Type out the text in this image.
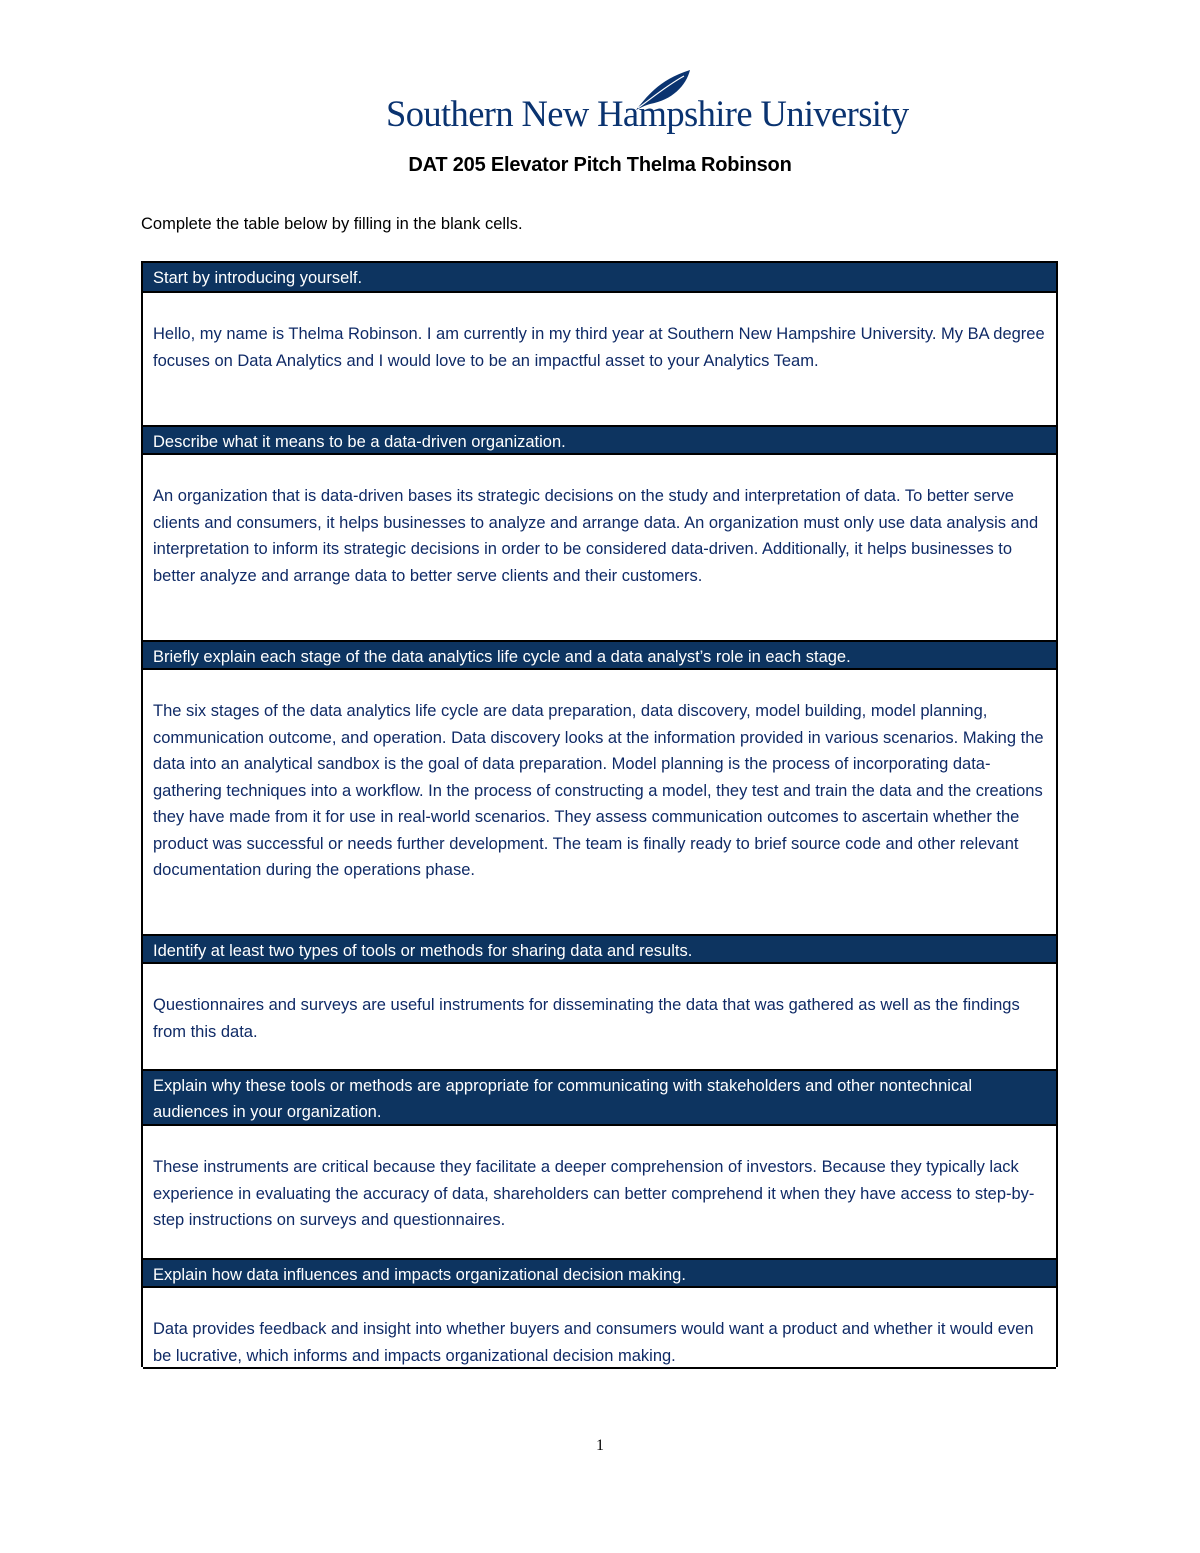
Southern New Hampshire University
DAT 205 Elevator Pitch Thelma Robinson
Complete the table below by filling in the blank cells.
Start by introducing yourself.
Hello, my name is Thelma Robinson. I am currently in my third year at Southern New Hampshire University. My BA degree focuses on Data Analytics and I would love to be an impactful asset to your Analytics Team.
Describe what it means to be a data-driven organization.
An organization that is data-driven bases its strategic decisions on the study and interpretation of data. To better serve clients and consumers, it helps businesses to analyze and arrange data. An organization must only use data analysis and interpretation to inform its strategic decisions in order to be considered data-driven. Additionally, it helps businesses to better analyze and arrange data to better serve clients and their customers.
Briefly explain each stage of the data analytics life cycle and a data analyst’s role in each stage.
The six stages of the data analytics life cycle are data preparation, data discovery, model building, model planning, communication outcome, and operation. Data discovery looks at the information provided in various scenarios. Making the data into an analytical sandbox is the goal of data preparation. Model planning is the process of incorporating data-gathering techniques into a workflow. In the process of constructing a model, they test and train the data and the creations they have made from it for use in real-world scenarios. They assess communication outcomes to ascertain whether the product was successful or needs further development. The team is finally ready to brief source code and other relevant documentation during the operations phase.
Identify at least two types of tools or methods for sharing data and results.
Questionnaires and surveys are useful instruments for disseminating the data that was gathered as well as the findings from this data.
Explain why these tools or methods are appropriate for communicating with stakeholders and other nontechnical audiences in your organization.
These instruments are critical because they facilitate a deeper comprehension of investors. Because they typically lack experience in evaluating the accuracy of data, shareholders can better comprehend it when they have access to step-by-step instructions on surveys and questionnaires.
Explain how data influences and impacts organizational decision making.
Data provides feedback and insight into whether buyers and consumers would want a product and whether it would even be lucrative, which informs and impacts organizational decision making.
1
